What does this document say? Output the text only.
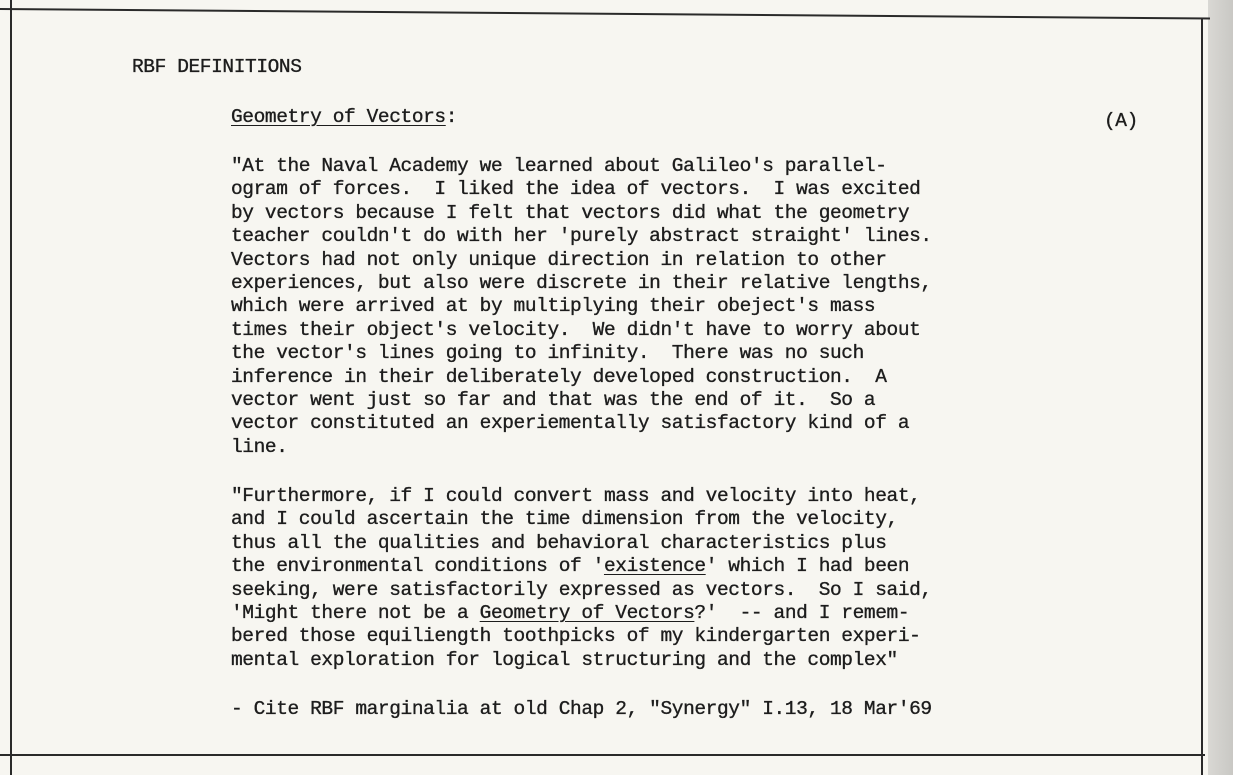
RBF DEFINITIONS
Geometry of Vectors:	(A)
"At the Naval Academy we learned about Galileo's parallel-
ogram of forces.  I liked the idea of vectors.  I was excited
by vectors because I felt that vectors did what the geometry
teacher couldn't do with her 'purely abstract straight' lines.
Vectors had not only unique direction in relation to other
experiences, but also were discrete in their relative lengths,
which were arrived at by multiplying their obeject's mass
times their object's velocity.  We didn't have to worry about
the vector's lines going to infinity.  There was no such
inference in their deliberately developed construction.  A
vector went just so far and that was the end of it.  So a
vector constituted an experiementally satisfactory kind of a
line.
"Furthermore, if I could convert mass and velocity into heat,
and I could ascertain the time dimension from the velocity,
thus all the qualities and behavioral characteristics plus
the environmental conditions of 'existence' which I had been
seeking, were satisfactorily expressed as vectors.  So I said,
'Might there not be a Geometry of Vectors?'  -- and I remem-
bered those equiliength toothpicks of my kindergarten experi-
mental exploration for logical structuring and the complex"
- Cite RBF marginalia at old Chap 2, "Synergy" I.13, 18 Mar'69
